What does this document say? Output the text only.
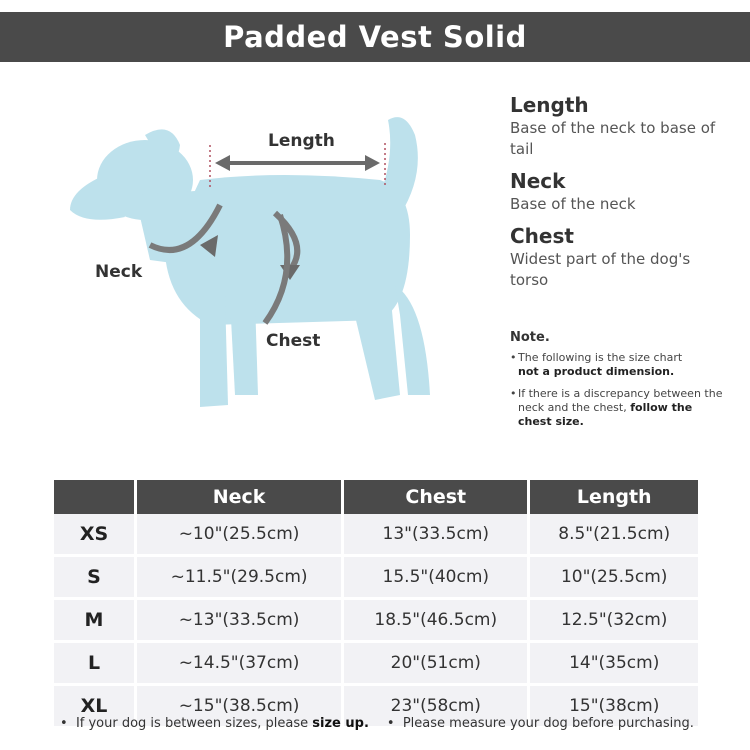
Padded Vest Solid
Length
Neck
Chest

Length

Base of the neck to base of tail

Neck

Base of the neck

Chest

Widest part of the dog's torso

Note.
• The following is the size chart
not a product dimension.
• If there is a discrepancy between the neck and the chest, follow the chest size.
	Neck	Chest	Length
XS	~10"(25.5cm)	13"(33.5cm)	8.5"(21.5cm)
S	~11.5"(29.5cm)	15.5"(40cm)	10"(25.5cm)
M	~13"(33.5cm)	18.5"(46.5cm)	12.5"(32cm)
L	~14.5"(37cm)	20"(51cm)	14"(35cm)
XL	~15"(38.5cm)	23"(58cm)	15"(38cm)
•  If your dog is between sizes, please size up. •  Please measure your dog before purchasing.
